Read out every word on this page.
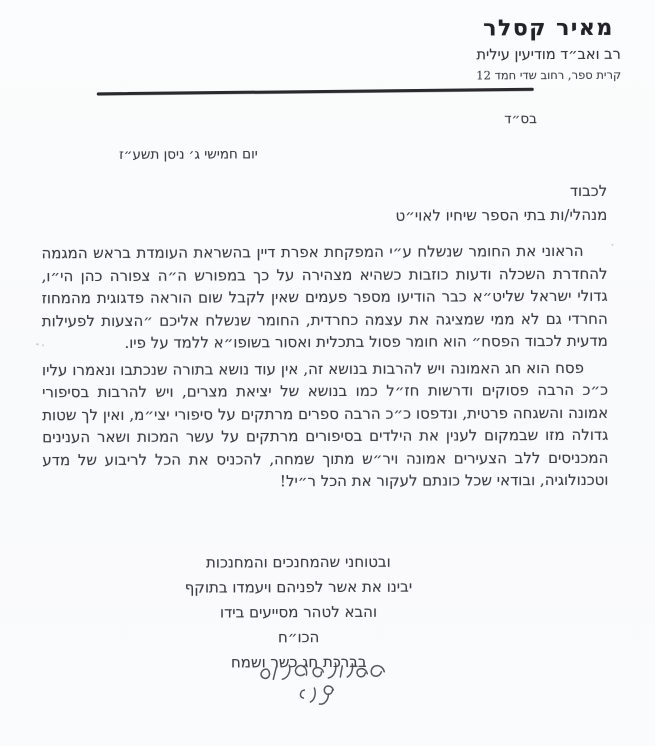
מאיר קסלר
רב ואב״ד מודיעין עילית
קרית ספר, רחוב שדי חמד 12
בס״ד
יום חמישי ג׳ ניסן תשע״ז
לכבוד
מנהלי/ות בתי הספר שיחיו לאוי״ט

הראוני את החומר שנשלח ע״י המפקחת אפרת דיין בהשראת העומדת בראש המגמה להחדרת השכלה ודעות כוזבות כשהיא מצהירה על כך במפורש ה״ה צפורה כהן הי״ו, גדולי ישראל שליט״א כבר הודיעו מספר פעמים שאין לקבל שום הוראה פדגוגית מהמחוז החרדי גם לא ממי שמציגה את עצמה כחרדית, החומר שנשלח אליכם ״הצעות לפעילות מדעית לכבוד הפסח״ הוא חומר פסול בתכלית ואסור בשופו״א ללמד על פיו.

פסח הוא חג האמונה ויש להרבות בנושא זה, אין עוד נושא בתורה שנכתבו ונאמרו עליו כ״כ הרבה פסוקים ודרשות חז״ל כמו בנושא של יציאת מצרים, ויש להרבות בסיפורי אמונה והשגחה פרטית, ונדפסו כ״כ הרבה ספרים מרתקים על סיפורי יצי״מ, ואין לך שטות גדולה מזו שבמקום לענין את הילדים בסיפורים מרתקים על עשר המכות ושאר הענינים המכניסים ללב הצעירים אמונה ויר״ש מתוך שמחה, להכניס את הכל לריבוע של מדע וטכנולוגיה, ובודאי שכל כונתם לעקור את הכל ר״יל!

ובטוחני שהמחנכים והמחנכות
יבינו את אשר לפניהם ויעמדו בתוקף
והבא לטהר מסייעים בידו
הכו״ח
בברכת חג כשר ושמח
